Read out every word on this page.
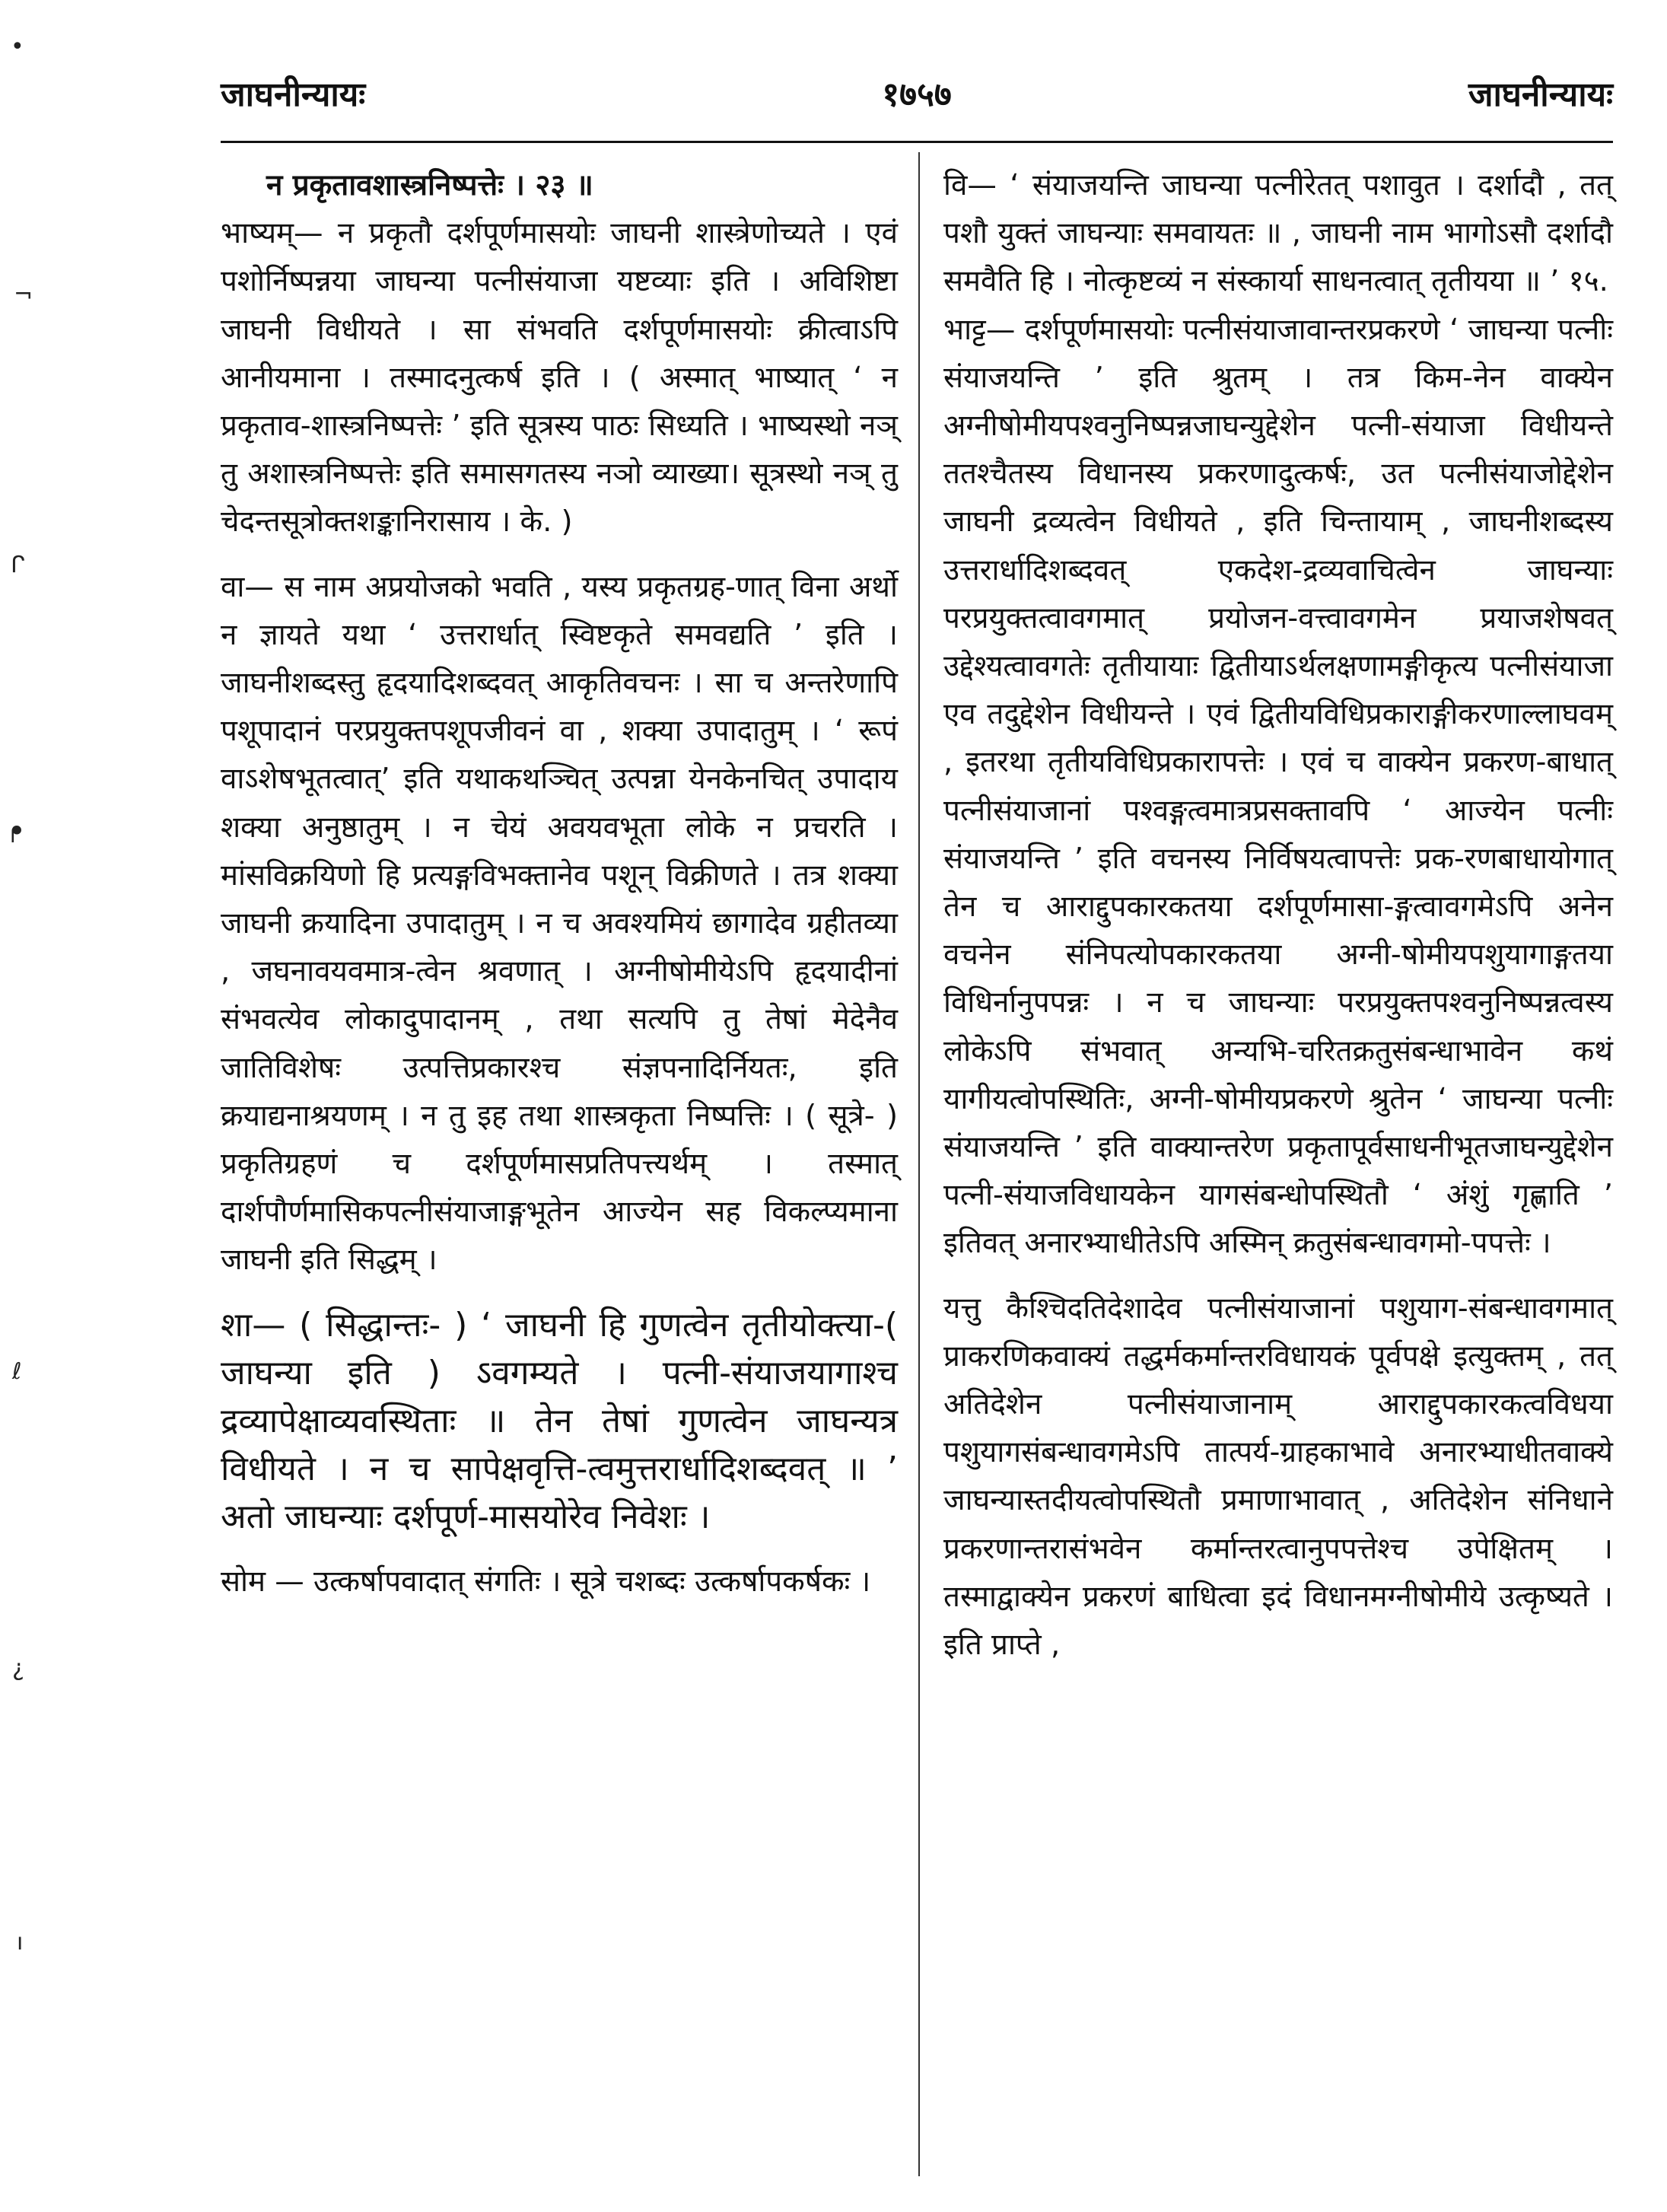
जाघनीन्यायः	१७५७	जाघनीन्यायः
•
¬
ᒋ
ᖰ
ℓ
¿
ı

न प्रकृतावशास्त्रनिष्पत्तेः । २३ ॥

भाष्यम्— न प्रकृतौ दर्शपूर्णमासयोः जाघनी शास्त्रेणोच्यते । एवं पशोर्निष्पन्नया जाघन्या पत्नीसंयाजा यष्टव्याः इति । अविशिष्टा जाघनी विधीयते । सा संभवति दर्शपूर्णमासयोः क्रीत्वाऽपि आनीयमाना । तस्मादनुत्कर्ष इति । ( अस्मात् भाष्यात् ‘ न प्रकृताव-शास्त्रनिष्पत्तेः ’ इति सूत्रस्य पाठः सिध्यति । भाष्यस्थो नञ् तु अशास्त्रनिष्पत्तेः इति समासगतस्य नञो व्याख्या। सूत्रस्थो नञ् तु चेदन्तसूत्रोक्तशङ्कानिरासाय । के. )

वा— स नाम अप्रयोजको भवति , यस्य प्रकृतग्रह-णात् विना अर्थो न ज्ञायते यथा ‘ उत्तरार्धात् स्विष्टकृते समवद्यति ’ इति । जाघनीशब्दस्तु हृदयादिशब्दवत् आकृतिवचनः । सा च अन्तरेणापि पशूपादानं परप्रयुक्तपशूपजीवनं वा , शक्या उपादातुम् । ‘ रूपं वाऽशेषभूतत्वात्’ इति यथाकथञ्चित् उत्पन्ना येनकेनचित् उपादाय शक्या अनुष्ठातुम् । न चेयं अवयवभूता लोके न प्रचरति । मांसविक्रयिणो हि प्रत्यङ्गविभक्तानेव पशून् विक्रीणते । तत्र शक्या जाघनी क्रयादिना उपादातुम् । न च अवश्यमियं छागादेव ग्रहीतव्या , जघनावयवमात्र-त्वेन श्रवणात् । अग्नीषोमीयेऽपि हृदयादीनां संभवत्येव लोकादुपादानम् , तथा सत्यपि तु तेषां मेदेनैव जातिविशेषः उत्पत्तिप्रकारश्च संज्ञपनादिर्नियतः, इति क्रयाद्यनाश्रयणम् । न तु इह तथा शास्त्रकृता निष्पत्तिः । ( सूत्रे- ) प्रकृतिग्रहणं च दर्शपूर्णमासप्रतिपत्त्यर्थम् । तस्मात् दार्शपौर्णमासिकपत्नीसंयाजाङ्गभूतेन आज्येन सह विकल्प्यमाना जाघनी इति सिद्धम् ।

शा— ( सिद्धान्तः- ) ‘ जाघनी हि गुणत्वेन तृतीयोक्त्या-( जाघन्या इति ) ऽवगम्यते । पत्नी-संयाजयागाश्च द्रव्यापेक्षाव्यवस्थिताः ॥ तेन तेषां गुणत्वेन जाघन्यत्र विधीयते । न च सापेक्षवृत्ति-त्वमुत्तरार्धादिशब्दवत् ॥ ’ अतो जाघन्याः दर्शपूर्ण-मासयोरेव निवेशः ।

सोम — उत्कर्षापवादात् संगतिः । सूत्रे चशब्दः उत्कर्षापकर्षकः ।

वि— ‘ संयाजयन्ति जाघन्या पत्नीरेतत् पशावुत । दर्शादौ , तत् पशौ युक्तं जाघन्याः समवायतः ॥ , जाघनी नाम भागोऽसौ दर्शादौ समवैति हि । नोत्कृष्टव्यं न संस्कार्या साधनत्वात् तृतीयया ॥ ’ १५.

भाट्ट— दर्शपूर्णमासयोः पत्नीसंयाजावान्तरप्रकरणे ‘ जाघन्या पत्नीः संयाजयन्ति ’ इति श्रुतम् । तत्र किम-नेन वाक्येन अग्नीषोमीयपश्वनुनिष्पन्नजाघन्युद्देशेन पत्नी-संयाजा विधीयन्ते ततश्चैतस्य विधानस्य प्रकरणादुत्कर्षः, उत पत्नीसंयाजोद्देशेन जाघनी द्रव्यत्वेन विधीयते , इति चिन्तायाम् , जाघनीशब्दस्य उत्तरार्धादिशब्दवत् एकदेश-द्रव्यवाचित्वेन जाघन्याः परप्रयुक्तत्वावगमात् प्रयोजन-वत्त्वावगमेन प्रयाजशेषवत् उद्देश्यत्वावगतेः तृतीयायाः द्वितीयाऽर्थलक्षणामङ्गीकृत्य पत्नीसंयाजा एव तदुद्देशेन विधीयन्ते । एवं द्वितीयविधिप्रकाराङ्गीकरणाल्लाघवम् , इतरथा तृतीयविधिप्रकारापत्तेः । एवं च वाक्येन प्रकरण-बाधात् पत्नीसंयाजानां पश्वङ्गत्वमात्रप्रसक्तावपि ‘ आज्येन पत्नीः संयाजयन्ति ’ इति वचनस्य निर्विषयत्वापत्तेः प्रक-रणबाधायोगात् तेन च आराद्दुपकारकतया दर्शपूर्णमासा-ङ्गत्वावगमेऽपि अनेन वचनेन संनिपत्योपकारकतया अग्नी-षोमीयपशुयागाङ्गतया विधिर्नानुपपन्नः । न च जाघन्याः परप्रयुक्तपश्वनुनिष्पन्नत्वस्य लोकेऽपि संभवात् अन्यभि-चरितक्रतुसंबन्धाभावेन कथं यागीयत्वोपस्थितिः, अग्नी-षोमीयप्रकरणे श्रुतेन ‘ जाघन्या पत्नीः संयाजयन्ति ’ इति वाक्यान्तरेण प्रकृतापूर्वसाधनीभूतजाघन्युद्देशेन पत्नी-संयाजविधायकेन यागसंबन्धोपस्थितौ ‘ अंशुं गृह्णाति ’ इतिवत् अनारभ्याधीतेऽपि अस्मिन् क्रतुसंबन्धावगमो-पपत्तेः ।

यत्तु कैश्चिदतिदेशादेव पत्नीसंयाजानां पशुयाग-संबन्धावगमात् प्राकरणिकवाक्यं तद्धर्मकर्मान्तरविधायकं पूर्वपक्षे इत्युक्तम् , तत् अतिदेशेन पत्नीसंयाजानाम् आराद्दुपकारकत्वविधया पशुयागसंबन्धावगमेऽपि तात्पर्य-ग्राहकाभावे अनारभ्याधीतवाक्ये जाघन्यास्तदीयत्वोपस्थितौ प्रमाणाभावात् , अतिदेशेन संनिधाने प्रकरणान्तरासंभवेन कर्मान्तरत्वानुपपत्तेश्च उपेक्षितम् । तस्माद्वाक्येन प्रकरणं बाधित्वा इदं विधानमग्नीषोमीये उत्कृष्यते । इति प्राप्ते ,
